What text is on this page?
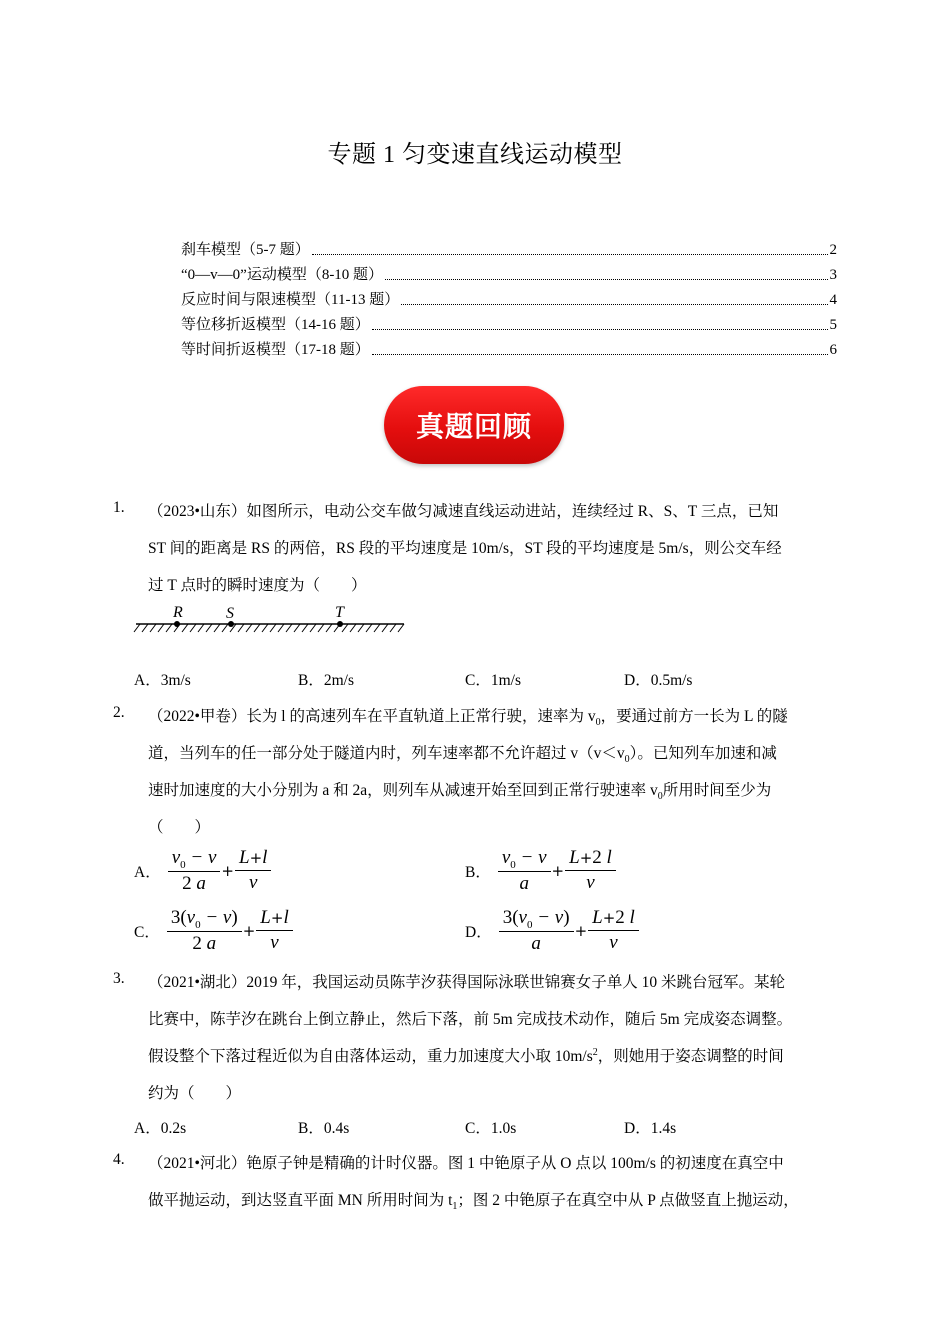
专题 1 匀变速直线运动模型
刹车模型（5-7 题）	2
“0—v—0”运动模型（8-10 题）	3
反应时间与限速模型（11-13 题）	4
等位移折返模型（14-16 题）	5
等时间折返模型（17-18 题）	6
真题回顾
1. （2023•山东）如图所示，电动公交车做匀减速直线运动进站，连续经过 R、S、T 三点，已知
ST 间的距离是 RS 的两倍，RS 段的平均速度是 10m/s，ST 段的平均速度是 5m/s，则公交车经
过 T 点时的瞬时速度为（　　）
R	S	T
A．3m/s	B．2m/s	C．1m/s	D．0.5m/s
2. （2022•甲卷）长为 l 的高速列车在平直轨道上正常行驶，速率为 $v_0$，要通过前方一长为 L 的隧
道，当列车的任一部分处于隧道内时，列车速率都不允许超过 $v(v<v_0)$。已知列车加速和减
速时加速度的大小分别为 a 和 2a，则列车从减速开始至回到正常行驶速率 $v_0$所用时间至少为
（　　）
A． $\frac{v_0 - v}{2 a} + \frac{L+l}{v}$	B． $\frac{v_0 - v}{a} + \frac{L+2 l}{v}$
C． $\frac{3(v_0 - v)}{2 a} + \frac{L+l}{v}$	D． $\frac{3(v_0 - v)}{a} + \frac{L+2 l}{v}$
3. （2021•湖北）2019 年，我国运动员陈芋汐获得国际泳联世锦赛女子单人 10 米跳台冠军。某轮
比赛中，陈芋汐在跳台上倒立静止，然后下落，前 5m 完成技术动作，随后 5m 完成姿态调整。
假设整个下落过程近似为自由落体运动，重力加速度大小取 $10m/s^2$，则她用于姿态调整的时间
约为（　　）
A．0.2s	B．0.4s	C．1.0s	D．1.4s
4. （2021•河北）铯原子钟是精确的计时仪器。图 1 中铯原子从 O 点以 100m/s 的初速度在真空中
做平抛运动，到达竖直平面 MN 所用时间为 $t_1$；图 2 中铯原子在真空中从 P 点做竖直上抛运动，
